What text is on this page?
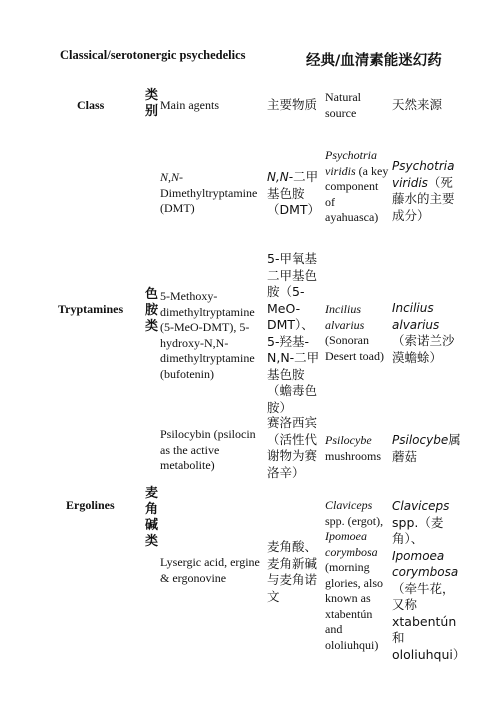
Classical/serotonergic psychedelics	经典/血清素能迷幻药
Class
类别 Main agents	主要物质 Natural source
天然来源
N,N-Dimethyltryptamine (DMT)
N,N-二甲基色胺（DMT）
Psychotria viridis (a key component of ayahuasca)
Psychotria viridis（死藤水的主要成分）
Tryptamines
色胺类
5-Methoxy-dimethyltryptamine (5-MeO-DMT), 5-hydroxy-N,N-dimethyltryptamine (bufotenin)
5-甲氧基二甲基色胺（5-MeO-DMT）、5-羟基-N,N-二甲基色胺（蟾毒色胺）
Incilius alvarius (Sonoran Desert toad)
Incilius alvarius（索诺兰沙漠蟾蜍）
Psilocybin (psilocin as the active metabolite)
赛洛西宾（活性代谢物为赛洛辛）
Psilocybe mushrooms
Psilocybe属蘑菇
Ergolines
麦角碱类
Lysergic acid, ergine & ergonovine
麦角酸、麦角新碱与麦角诺文
Claviceps spp. (ergot), Ipomoea corymbosa (morning glories, also known as xtabentún and ololiuhqui)
Claviceps spp.（麦角）、Ipomoea corymbosa（牵牛花，又称 xtabentún和ololiuhqui）
